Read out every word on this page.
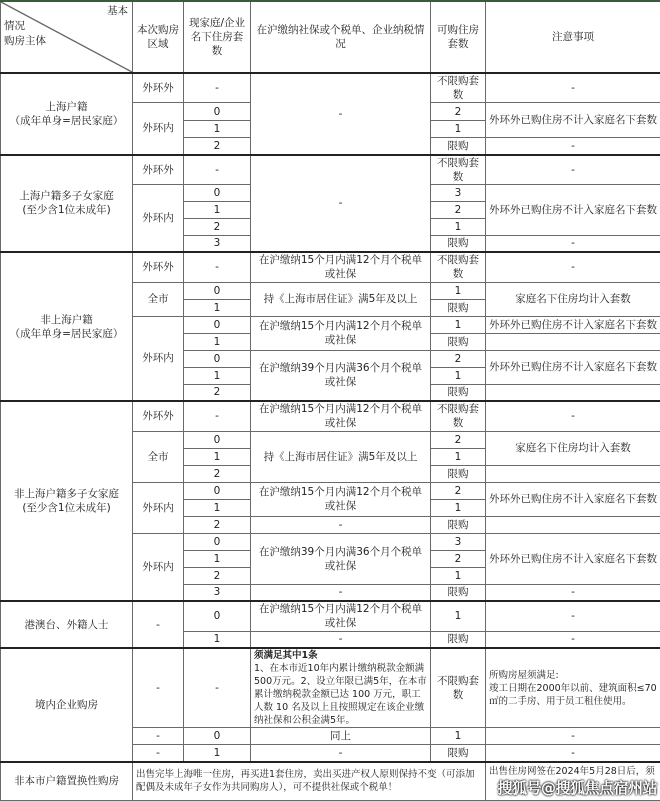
基本

情况

购房主体	本次购房区域	现家庭/企业名下住房套数	在沪缴纳社保或个税单、企业纳税情况	可购住房套数	注意事项
上海户籍
（成年单身=居民家庭）	外环外	-	-	不限购套数	-
	外环内	0		2	外环外已购住房不计入家庭名下套数
		1		1	
		2		限购	-
上海户籍多子女家庭
(至少含1位未成年)	外环外	-	-	不限购套数	-
	外环内	0		3	外环外已购住房不计入家庭名下套数
		1		2	
		2		1	
		3		限购	-
非上海户籍
（成年单身=居民家庭）	外环外	-	在沪缴纳15个月内满12个月个税单或社保	不限购套数	-
	全市	0	持《上海市居住证》满5年及以上	1	家庭名下住房均计入套数
		1		限购	
	外环内	0	在沪缴纳15个月内满12个月个税单或社保	1	外环外已购住房不计入家庭名下套数
		1		限购	
		0	在沪缴纳39个月内满36个月个税单或社保	2	外环外已购住房不计入家庭名下套数
		1		1	
		2		限购	
非上海户籍多子女家庭
(至少含1位未成年)	外环外	-	在沪缴纳15个月内满12个月个税单或社保	不限购套数	-
	全市	0	持《上海市居住证》满5年及以上	2	家庭名下住房均计入套数
		1		1	
		2		限购	
	外环内	0	在沪缴纳15个月内满12个月个税单或社保	2	外环外已购住房不计入家庭名下套数
		1		1	
		2	-	限购	
	外环内	0	在沪缴纳39个月内满36个月个税单或社保	3	外环外已购住房不计入家庭名下套数
		1		2	
		2		1	
		3	-	限购	-
港澳台、外籍人士	-	0	在沪缴纳15个月内满12个月个税单或社保	1	-
		1	-	限购	-
境内企业购房	-	-	须满足其中1条
1、在本市近10年内累计缴纳税款金额满 500万元。2、设立年限已满5年，在本市累计缴纳税款金额已达 100 万元，职工人数 10 名及以上且按照规定在该企业缴纳社保和公积金满5年。	不限购套数	所购房屋须满足:
竣工日期在2000年以前、建筑面积≤70㎡的二手房、用于员工租住使用。
	-	0	同上	1	-
	-	1	-	限购	-
非本市户籍置换性购房	出售完毕上海唯一住房，再买进1套住房，卖出买进产权人原则保持不变（可添加配偶及未成年子女作为共同购房人），可不提供社保或个税单！				出售住房网签在2024年5月28日后，须
搜狐号@搜狐焦点宿州站
